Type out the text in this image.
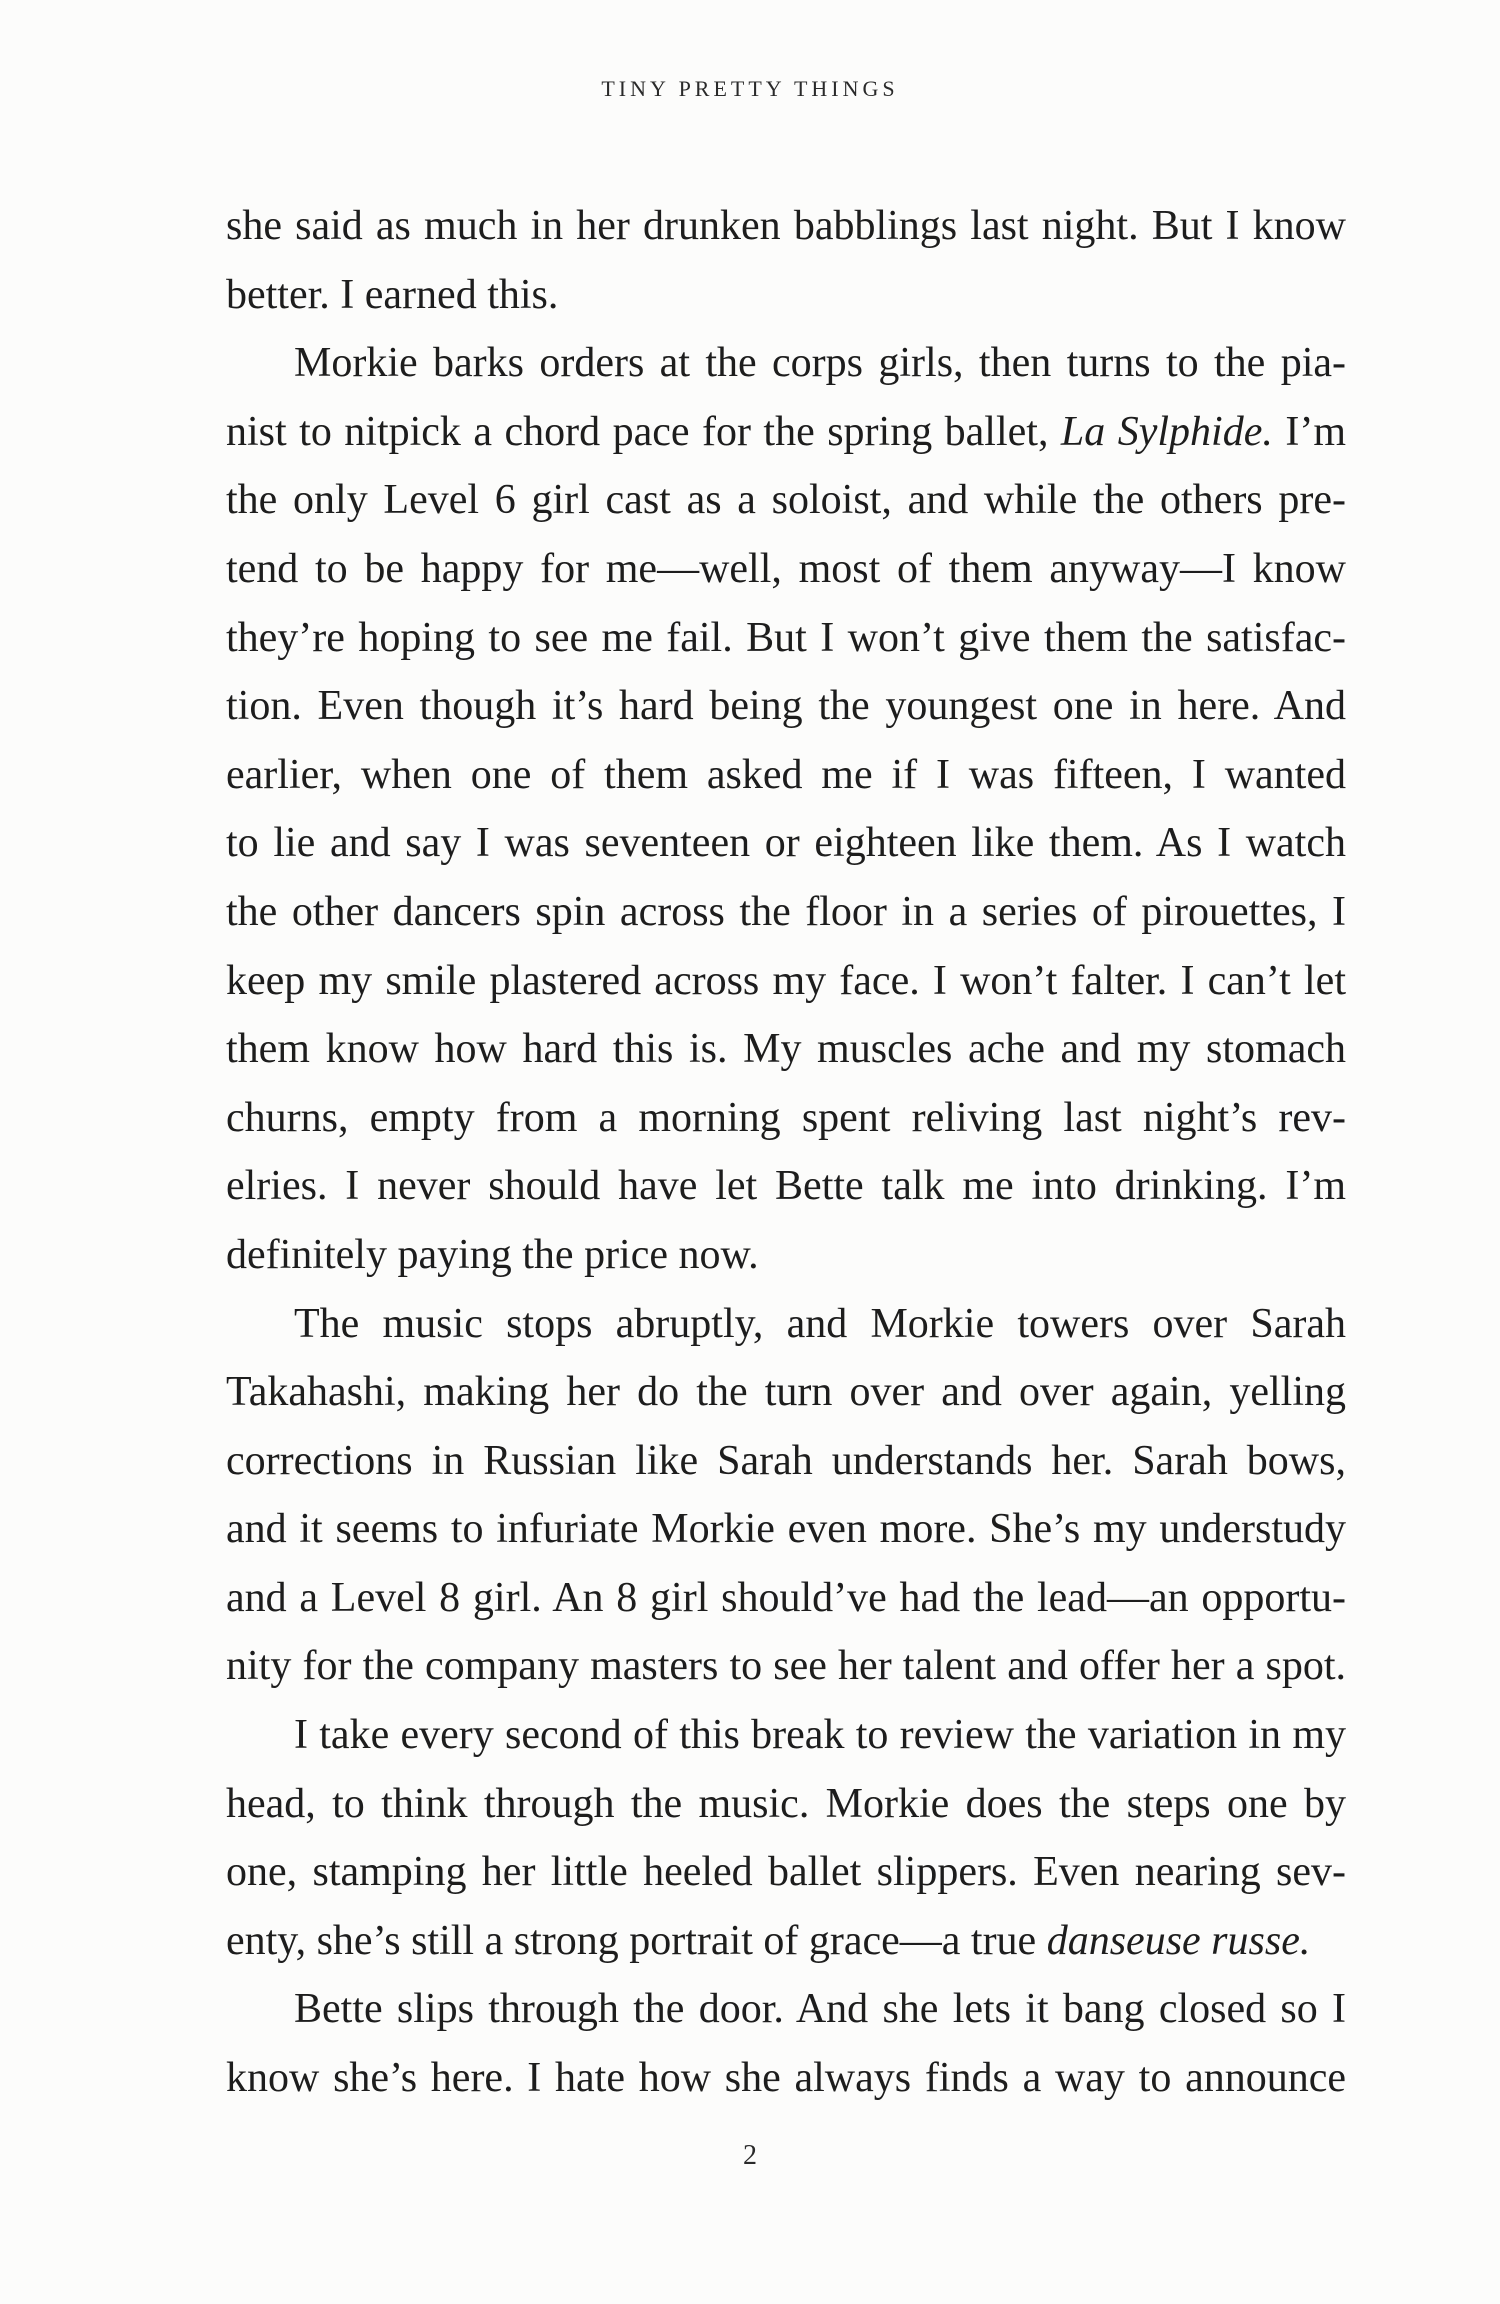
TINY PRETTY THINGS
she said as much in her drunken babblings last night. But I know
better. I earned this.
Morkie barks orders at the corps girls, then turns to the pia-
nist to nitpick a chord pace for the spring ballet, La Sylphide. I’m
the only Level 6 girl cast as a soloist, and while the others pre-
tend to be happy for me—well, most of them anyway—I know
they’re hoping to see me fail. But I won’t give them the satisfac-
tion. Even though it’s hard being the youngest one in here. And
earlier, when one of them asked me if I was fifteen, I wanted
to lie and say I was seventeen or eighteen like them. As I watch
the other dancers spin across the floor in a series of pirouettes, I
keep my smile plastered across my face. I won’t falter. I can’t let
them know how hard this is. My muscles ache and my stomach
churns, empty from a morning spent reliving last night’s rev-
elries. I never should have let Bette talk me into drinking. I’m
definitely paying the price now.
The music stops abruptly, and Morkie towers over Sarah
Takahashi, making her do the turn over and over again, yelling
corrections in Russian like Sarah understands her. Sarah bows,
and it seems to infuriate Morkie even more. She’s my understudy
and a Level 8 girl. An 8 girl should’ve had the lead—an opportu-
nity for the company masters to see her talent and offer her a spot.
I take every second of this break to review the variation in my
head, to think through the music. Morkie does the steps one by
one, stamping her little heeled ballet slippers. Even nearing sev-
enty, she’s still a strong portrait of grace—a true danseuse russe.
Bette slips through the door. And she lets it bang closed so I
know she’s here. I hate how she always finds a way to announce
2
